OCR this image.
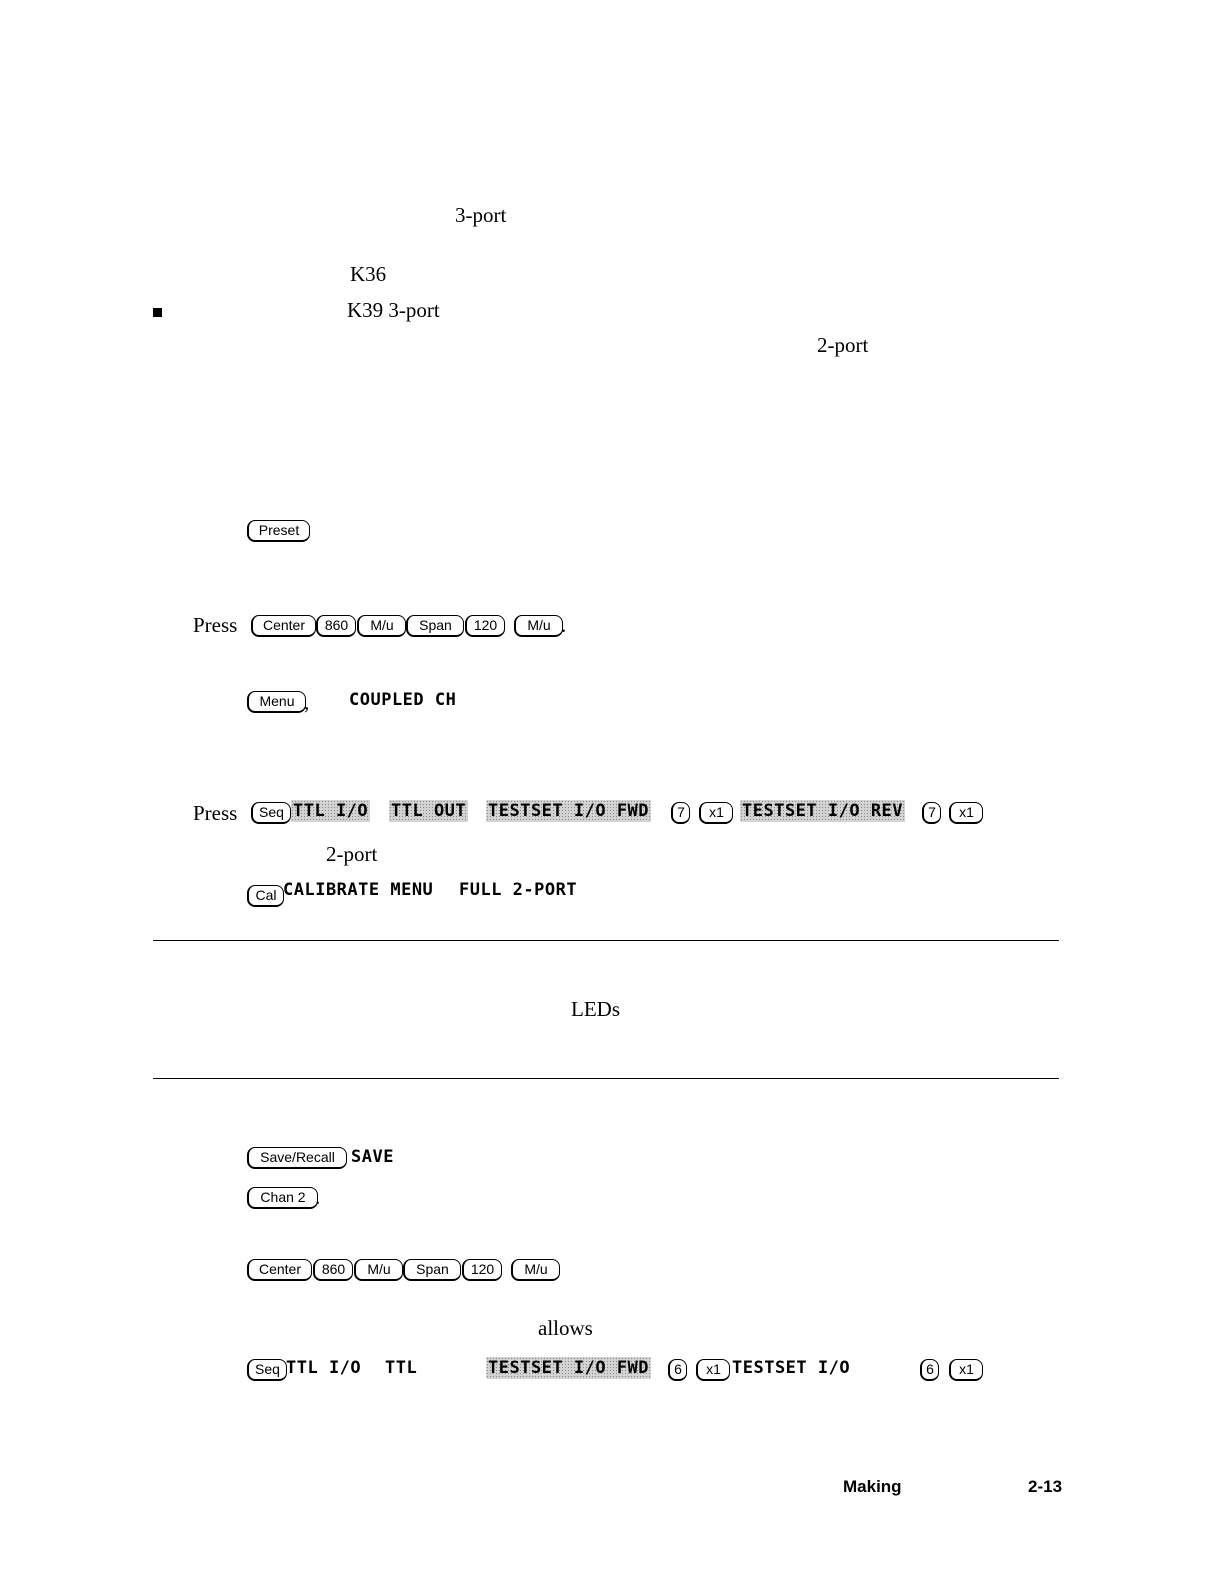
3-port
K36
K39 3-port
2-port
Preset
Press	Center	860	M/u	Span	120	M/u .
Menu , COUPLED CH
Press	Seq TTL I/O TTL OUT TESTSET I/O FWD	7	x1	TESTSET I/O REV	7	x1
2-port
Cal CALIBRATE MENU FULL 2-PORT
LEDs
Save/Recall SAVE
Chan 2 .
Center	860	M/u	Span	120	M/u
allows
Seq TTL I/O TTL	TESTSET I/O FWD	6	x1 TESTSET I/O	6	x1
Making	2-13
